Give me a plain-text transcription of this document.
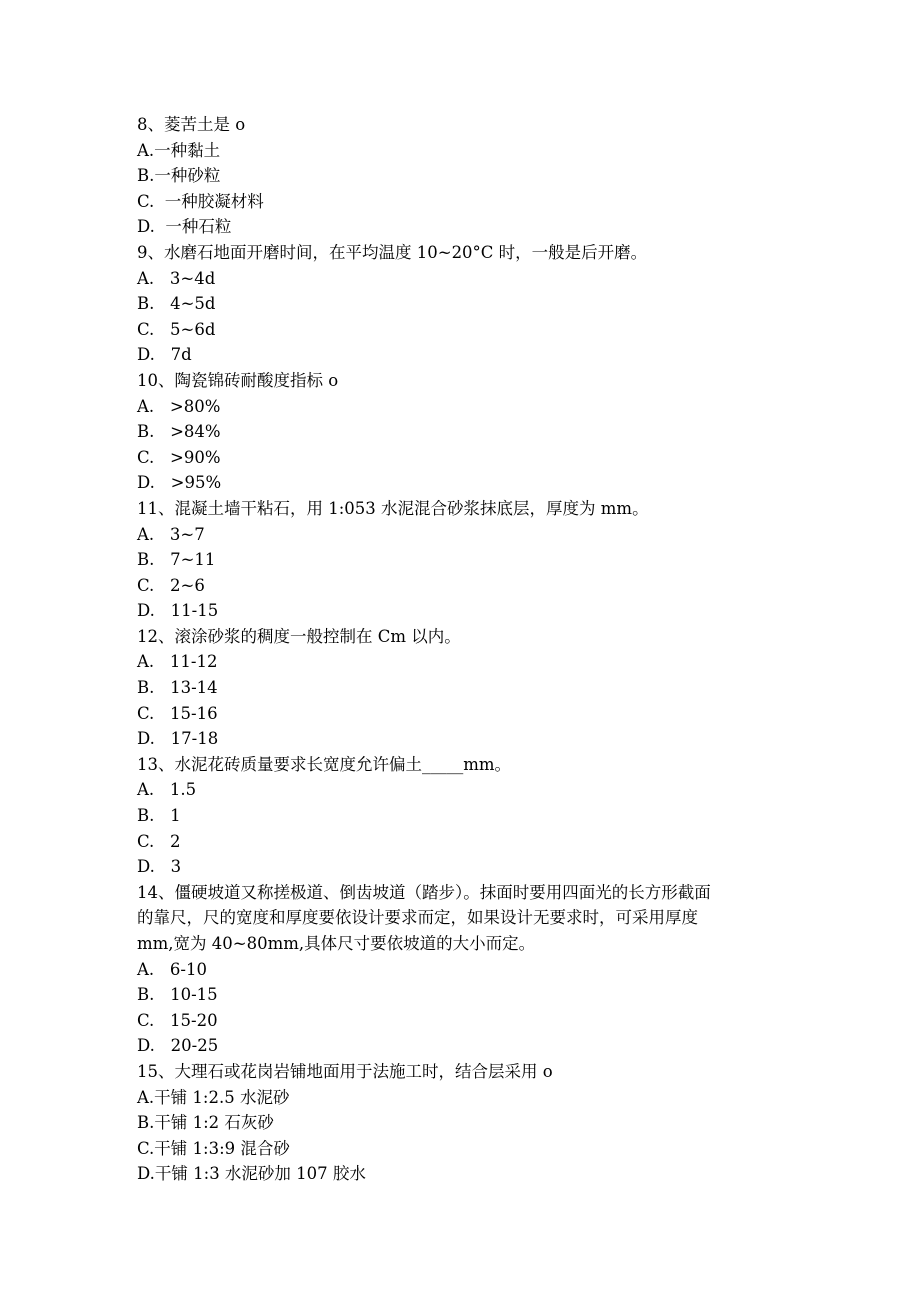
8、菱苦土是 o
A.一种黏土
B.一种砂粒
C.  一种胶凝材料
D.  一种石粒
9、水磨石地面开磨时间，在平均温度 10~20°C 时，一般是后开磨。
A.   3~4d
B.   4~5d
C.   5~6d
D.   7d
10、陶瓷锦砖耐酸度指标 o
A.   >80%
B.   >84%
C.   >90%
D.   >95%
11、混凝土墙干粘石，用 1:053 水泥混合砂浆抹底层，厚度为 mm。
A.   3~7
B.   7~11
C.   2~6
D.   11-15
12、滚涂砂浆的稠度一般控制在 Cm 以内。
A.   11-12
B.   13-14
C.   15-16
D.   17-18
13、水泥花砖质量要求长宽度允许偏土_____mm。
A.   1.5
B.   1
C.   2
D.   3
14、僵硬坡道又称搓极道、倒齿坡道（踏步）。抹面时要用四面光的长方形截面
的靠尺，尺的宽度和厚度要依设计要求而定，如果设计无要求时，可采用厚度
mm,宽为 40~80mm,具体尺寸要依坡道的大小而定。
A.   6-10
B.   10-15
C.   15-20
D.   20-25
15、大理石或花岗岩铺地面用于法施工时，结合层采用 o
A.干铺 1:2.5 水泥砂
B.干铺 1:2 石灰砂
C.干铺 1:3:9 混合砂
D.干铺 1:3 水泥砂加 107 胶水
